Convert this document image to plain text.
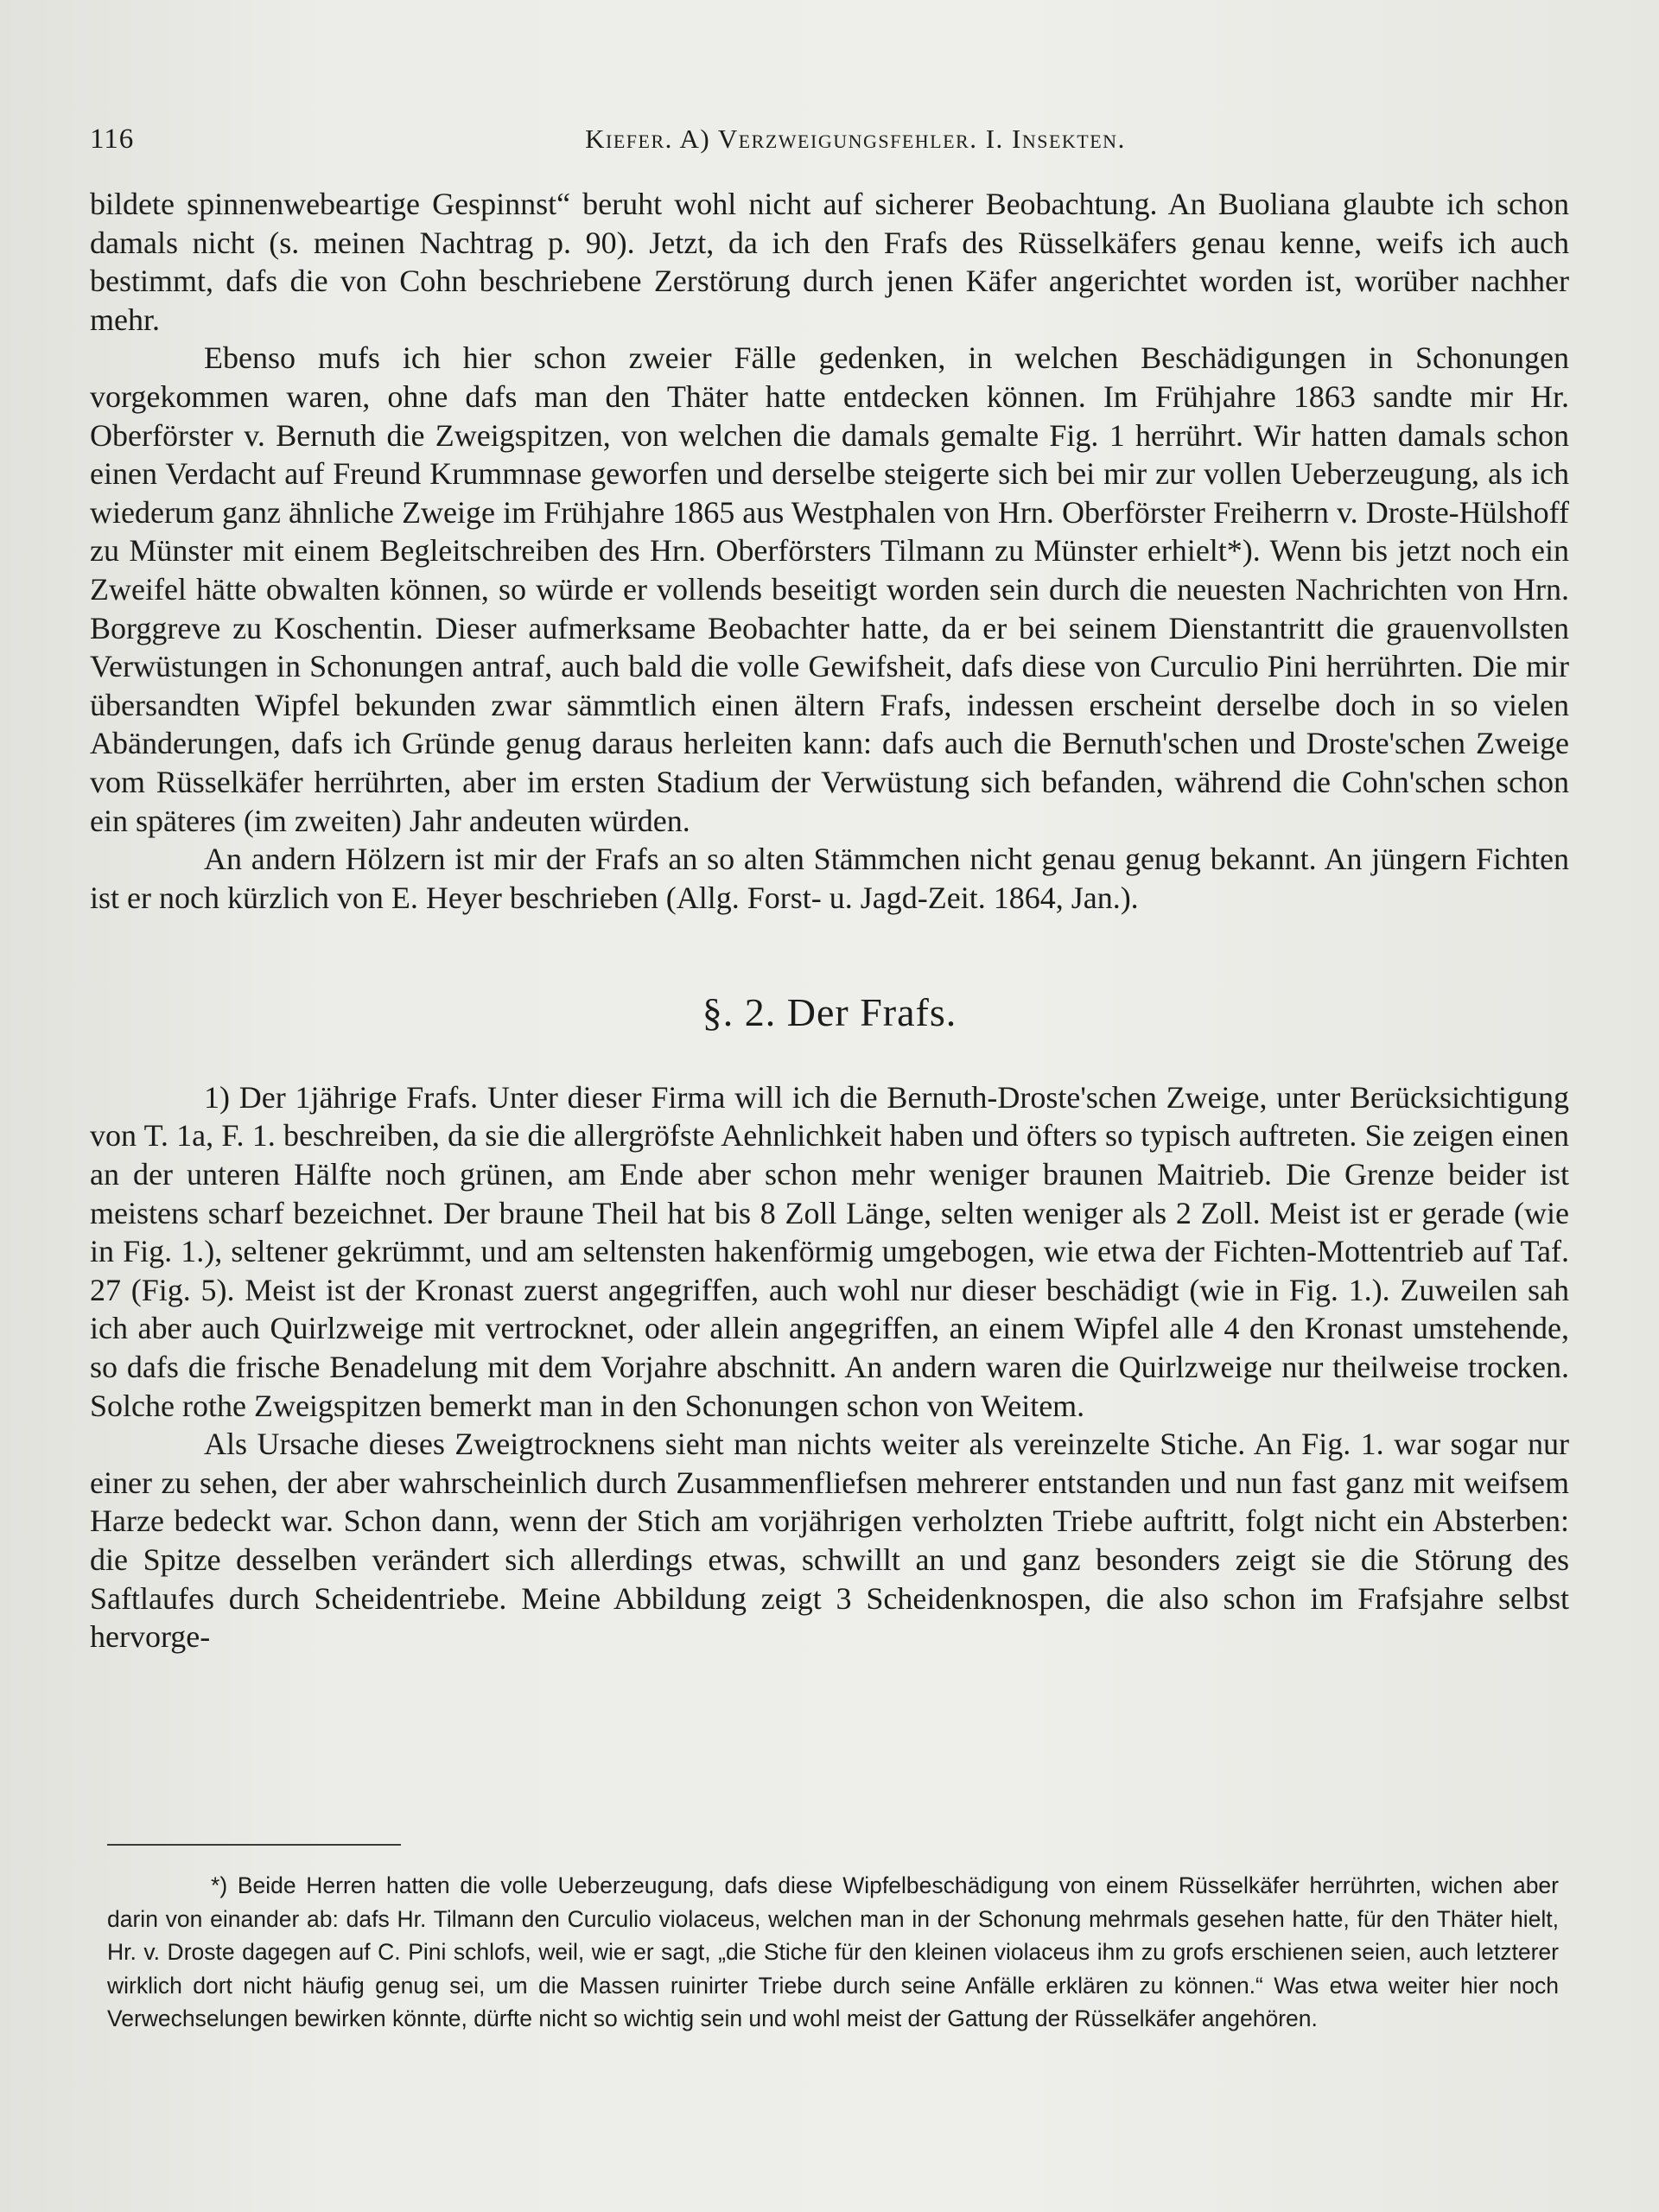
116	Kiefer. A) Verzweigungsfehler. I. Insekten.

bildete spinnenwebeartige Gespinnst“ beruht wohl nicht auf sicherer Beobachtung. An Buoliana glaubte ich schon damals nicht (s. meinen Nachtrag p. 90). Jetzt, da ich den Frafs des Rüsselkäfers genau kenne, weifs ich auch bestimmt, dafs die von Cohn beschriebene Zerstörung durch jenen Käfer angerichtet worden ist, worüber nachher mehr.

Ebenso mufs ich hier schon zweier Fälle gedenken, in welchen Beschädigungen in Schonungen vorgekommen waren, ohne dafs man den Thäter hatte entdecken können. Im Frühjahre 1863 sandte mir Hr. Oberförster v. Bernuth die Zweigspitzen, von welchen die damals gemalte Fig. 1 herrührt. Wir hatten damals schon einen Verdacht auf Freund Krummnase geworfen und derselbe steigerte sich bei mir zur vollen Ueberzeugung, als ich wiederum ganz ähnliche Zweige im Frühjahre 1865 aus Westphalen von Hrn. Oberförster Freiherrn v. Droste-Hülshoff zu Münster mit einem Begleitschreiben des Hrn. Oberförsters Tilmann zu Münster erhielt*). Wenn bis jetzt noch ein Zweifel hätte obwalten können, so würde er vollends beseitigt worden sein durch die neuesten Nachrichten von Hrn. Borggreve zu Koschentin. Dieser aufmerksame Beobachter hatte, da er bei seinem Dienstantritt die grauenvollsten Verwüstungen in Schonungen antraf, auch bald die volle Gewifsheit, dafs diese von Curculio Pini herrührten. Die mir übersandten Wipfel bekunden zwar sämmtlich einen ältern Frafs, indessen erscheint derselbe doch in so vielen Abänderungen, dafs ich Gründe genug daraus herleiten kann: dafs auch die Bernuth'schen und Droste'schen Zweige vom Rüsselkäfer herrührten, aber im ersten Stadium der Verwüstung sich befanden, während die Cohn'schen schon ein späteres (im zweiten) Jahr andeuten würden.

An andern Hölzern ist mir der Frafs an so alten Stämmchen nicht genau genug bekannt. An jüngern Fichten ist er noch kürzlich von E. Heyer beschrieben (Allg. Forst- u. Jagd-Zeit. 1864, Jan.).

§. 2. Der Frafs.

1) Der 1jährige Frafs. Unter dieser Firma will ich die Bernuth-Droste'schen Zweige, unter Berücksichtigung von T. 1a, F. 1. beschreiben, da sie die allergröfste Aehnlichkeit haben und öfters so typisch auftreten. Sie zeigen einen an der unteren Hälfte noch grünen, am Ende aber schon mehr weniger braunen Maitrieb. Die Grenze beider ist meistens scharf bezeichnet. Der braune Theil hat bis 8 Zoll Länge, selten weniger als 2 Zoll. Meist ist er gerade (wie in Fig. 1.), seltener gekrümmt, und am seltensten hakenförmig umgebogen, wie etwa der Fichten-Mottentrieb auf Taf. 27 (Fig. 5). Meist ist der Kronast zuerst angegriffen, auch wohl nur dieser beschädigt (wie in Fig. 1.). Zuweilen sah ich aber auch Quirlzweige mit vertrocknet, oder allein angegriffen, an einem Wipfel alle 4 den Kronast umstehende, so dafs die frische Benadelung mit dem Vorjahre abschnitt. An andern waren die Quirlzweige nur theilweise trocken. Solche rothe Zweigspitzen bemerkt man in den Schonungen schon von Weitem.

Als Ursache dieses Zweigtrocknens sieht man nichts weiter als vereinzelte Stiche. An Fig. 1. war sogar nur einer zu sehen, der aber wahrscheinlich durch Zusammenfliefsen mehrerer entstanden und nun fast ganz mit weifsem Harze bedeckt war. Schon dann, wenn der Stich am vorjährigen verholzten Triebe auftritt, folgt nicht ein Absterben: die Spitze desselben verändert sich allerdings etwas, schwillt an und ganz besonders zeigt sie die Störung des Saftlaufes durch Scheidentriebe. Meine Abbildung zeigt 3 Scheidenknospen, die also schon im Frafsjahre selbst hervorge-

*) Beide Herren hatten die volle Ueberzeugung, dafs diese Wipfelbeschädigung von einem Rüsselkäfer herrührten, wichen aber darin von einander ab: dafs Hr. Tilmann den Curculio violaceus, welchen man in der Schonung mehrmals gesehen hatte, für den Thäter hielt, Hr. v. Droste dagegen auf C. Pini schlofs, weil, wie er sagt, „die Stiche für den kleinen violaceus ihm zu grofs erschienen seien, auch letzterer wirklich dort nicht häufig genug sei, um die Massen ruinirter Triebe durch seine Anfälle erklären zu können.“ Was etwa weiter hier noch Verwechselungen bewirken könnte, dürfte nicht so wichtig sein und wohl meist der Gattung der Rüsselkäfer angehören.
